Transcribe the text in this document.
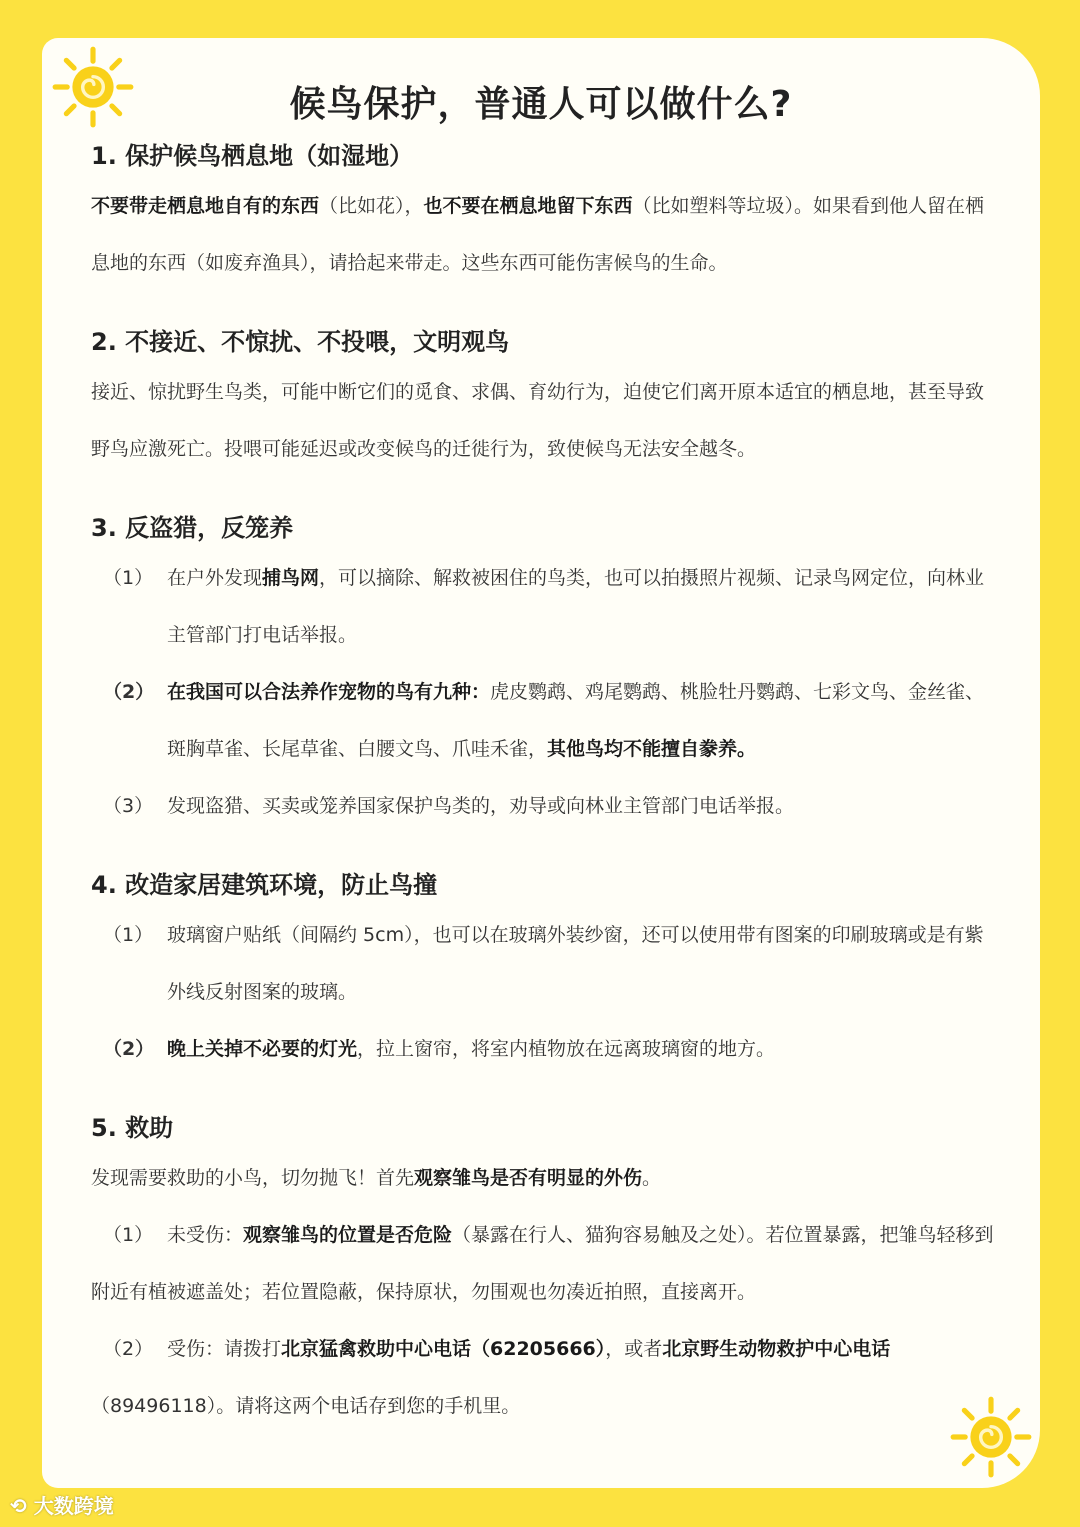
候鸟保护，普通人可以做什么?
1. 保护候鸟栖息地（如湿地）
不要带走栖息地自有的东西（比如花），也不要在栖息地留下东西（比如塑料等垃圾）。如果看到他人留在栖息地的东西（如废弃渔具），请拾起来带走。这些东西可能伤害候鸟的生命。
2. 不接近、不惊扰、不投喂，文明观鸟
接近、惊扰野生鸟类，可能中断它们的觅食、求偶、育幼行为，迫使它们离开原本适宜的栖息地，甚至导致野鸟应激死亡。投喂可能延迟或改变候鸟的迁徙行为，致使候鸟无法安全越冬。
3. 反盗猎，反笼养
（1） 在户外发现捕鸟网，可以摘除、解救被困住的鸟类，也可以拍摄照片视频、记录鸟网定位，向林业主管部门打电话举报。
（2） 在我国可以合法养作宠物的鸟有九种：虎皮鹦鹉、鸡尾鹦鹉、桃脸牡丹鹦鹉、七彩文鸟、金丝雀、斑胸草雀、长尾草雀、白腰文鸟、爪哇禾雀，其他鸟均不能擅自豢养。
（3） 发现盗猎、买卖或笼养国家保护鸟类的，劝导或向林业主管部门电话举报。
4. 改造家居建筑环境，防止鸟撞
（1） 玻璃窗户贴纸（间隔约 5cm），也可以在玻璃外装纱窗，还可以使用带有图案的印刷玻璃或是有紫外线反射图案的玻璃。
（2） 晚上关掉不必要的灯光，拉上窗帘，将室内植物放在远离玻璃窗的地方。
5. 救助
发现需要救助的小鸟，切勿抛飞！首先观察雏鸟是否有明显的外伤。
（1） 未受伤：观察雏鸟的位置是否危险（暴露在行人、猫狗容易触及之处）。若位置暴露，把雏鸟轻移到附近有植被遮盖处；若位置隐蔽，保持原状，勿围观也勿凑近拍照，直接离开。
（2） 受伤：请拨打北京猛禽救助中心电话（62205666），或者北京野生动物救护中心电话（89496118）。请将这两个电话存到您的手机里。
⟲ 大数跨境
